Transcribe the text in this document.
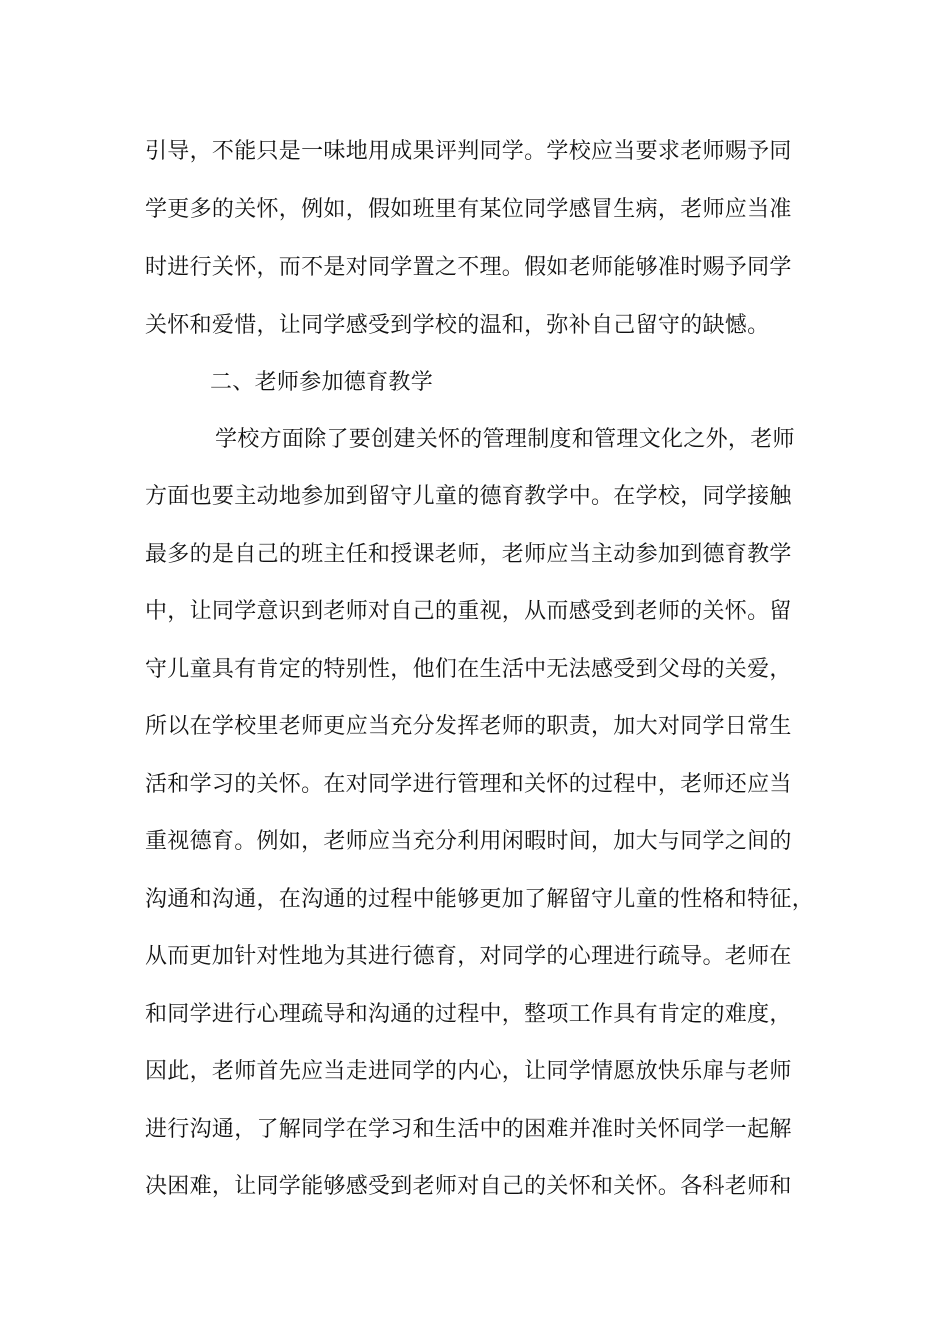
引导，不能只是一味地用成果评判同学。学校应当要求老师赐予同
学更多的关怀，例如，假如班里有某位同学感冒生病，老师应当准
时进行关怀，而不是对同学置之不理。假如老师能够准时赐予同学
关怀和爱惜，让同学感受到学校的温和，弥补自己留守的缺憾。
二、老师参加德育教学
学校方面除了要创建关怀的管理制度和管理文化之外，老师
方面也要主动地参加到留守儿童的德育教学中。在学校，同学接触
最多的是自己的班主任和授课老师，老师应当主动参加到德育教学
中，让同学意识到老师对自己的重视，从而感受到老师的关怀。留
守儿童具有肯定的特别性，他们在生活中无法感受到父母的关爱，
所以在学校里老师更应当充分发挥老师的职责，加大对同学日常生
活和学习的关怀。在对同学进行管理和关怀的过程中，老师还应当
重视德育。例如，老师应当充分利用闲暇时间，加大与同学之间的
沟通和沟通，在沟通的过程中能够更加了解留守儿童的性格和特征，
从而更加针对性地为其进行德育，对同学的心理进行疏导。老师在
和同学进行心理疏导和沟通的过程中，整项工作具有肯定的难度，
因此，老师首先应当走进同学的内心，让同学情愿放快乐扉与老师
进行沟通，了解同学在学习和生活中的困难并准时关怀同学一起解
决困难，让同学能够感受到老师对自己的关怀和关怀。各科老师和
